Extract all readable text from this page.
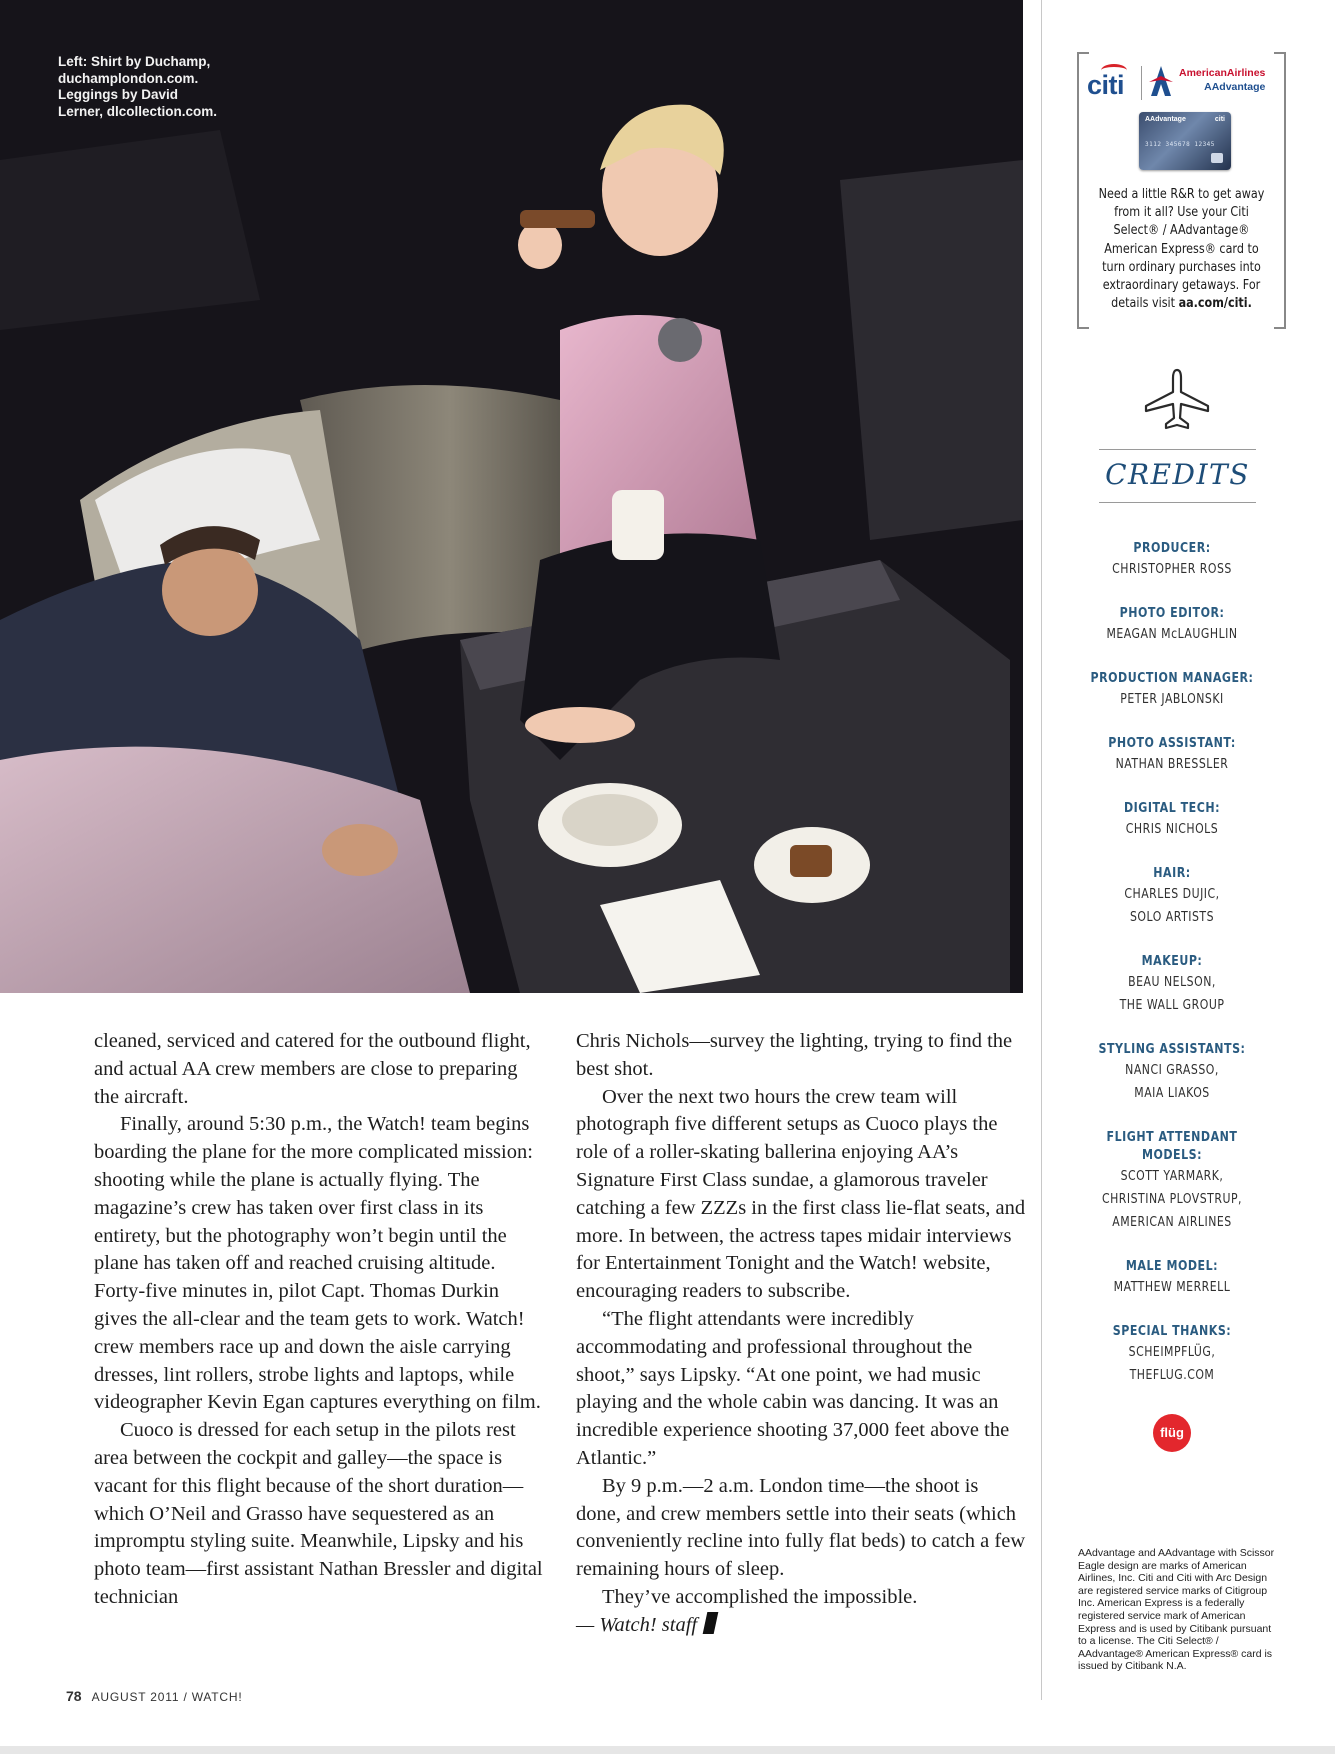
Left: Shirt by Duchamp,
duchamplondon.com.
Leggings by David
Lerner, dlcollection.com.

cleaned, serviced and catered for the outbound flight, and actual AA crew members are close to preparing the aircraft.

Finally, around 5:30 p.m., the Watch! team begins boarding the plane for the more complicated mission: shooting while the plane is actually flying. The magazine’s crew has taken over first class in its entirety, but the photography won’t begin until the plane has taken off and reached cruising altitude. Forty-five minutes in, pilot Capt. Thomas Durkin gives the all-clear and the team gets to work. Watch! crew members race up and down the aisle carrying dresses, lint rollers, strobe lights and laptops, while videographer Kevin Egan captures everything on film.

Cuoco is dressed for each setup in the pilots rest area between the cockpit and galley—the space is vacant for this flight because of the short duration—which O’Neil and Grasso have sequestered as an impromptu styling suite. Meanwhile, Lipsky and his photo team—first assistant Nathan Bressler and digital technician

Chris Nichols—survey the lighting, trying to find the best shot.

Over the next two hours the crew team will photograph five different setups as Cuoco plays the role of a roller-skating ballerina enjoying AA’s Signature First Class sundae, a glamorous traveler catching a few ZZZs in the first class lie-flat seats, and more. In between, the actress tapes midair interviews for Entertainment Tonight and the Watch! website, encouraging readers to subscribe.

“The flight attendants were incredibly accommodating and professional throughout the shoot,” says Lipsky. “At one point, we had music playing and the whole cabin was dancing. It was an incredible experience shooting 37,000 feet above the Atlantic.”

By 9 p.m.—2 a.m. London time—the shoot is done, and crew members settle into their seats (which conveniently recline into fully flat beds) to catch a few remaining hours of sleep.

They’ve accomplished the impossible.

— Watch! staff

78 AUGUST 2011 / WATCH!
citi	AmericanAirlines
AAdvantage
AAdvantage	citi
3112 345678 12345
Need a little R&R to get away from it all? Use your Citi Select® / AAdvantage® American Express® card to turn ordinary purchases into extraordinary getaways. For details visit aa.com/citi.
CREDITS
PRODUCER:
CHRISTOPHER ROSS
PHOTO EDITOR:
MEAGAN McLAUGHLIN
PRODUCTION MANAGER:
PETER JABLONSKI
PHOTO ASSISTANT:
NATHAN BRESSLER
DIGITAL TECH:
CHRIS NICHOLS
HAIR:
CHARLES DUJIC,
SOLO ARTISTS
MAKEUP:
BEAU NELSON,
THE WALL GROUP
STYLING ASSISTANTS:
NANCI GRASSO,
MAIA LIAKOS
FLIGHT ATTENDANT MODELS:
SCOTT YARMARK,
CHRISTINA PLOVSTRUP,
AMERICAN AIRLINES
MALE MODEL:
MATTHEW MERRELL
SPECIAL THANKS:
SCHEIMPFLÜG,
THEFLUG.COM
flüg
AAdvantage and AAdvantage with Scissor Eagle design are marks of American Airlines, Inc. Citi and Citi with Arc Design are registered service marks of Citigroup Inc. American Express is a federally registered service mark of American Express and is used by Citibank pursuant to a license. The Citi Select® / AAdvantage® American Express® card is issued by Citibank N.A.
